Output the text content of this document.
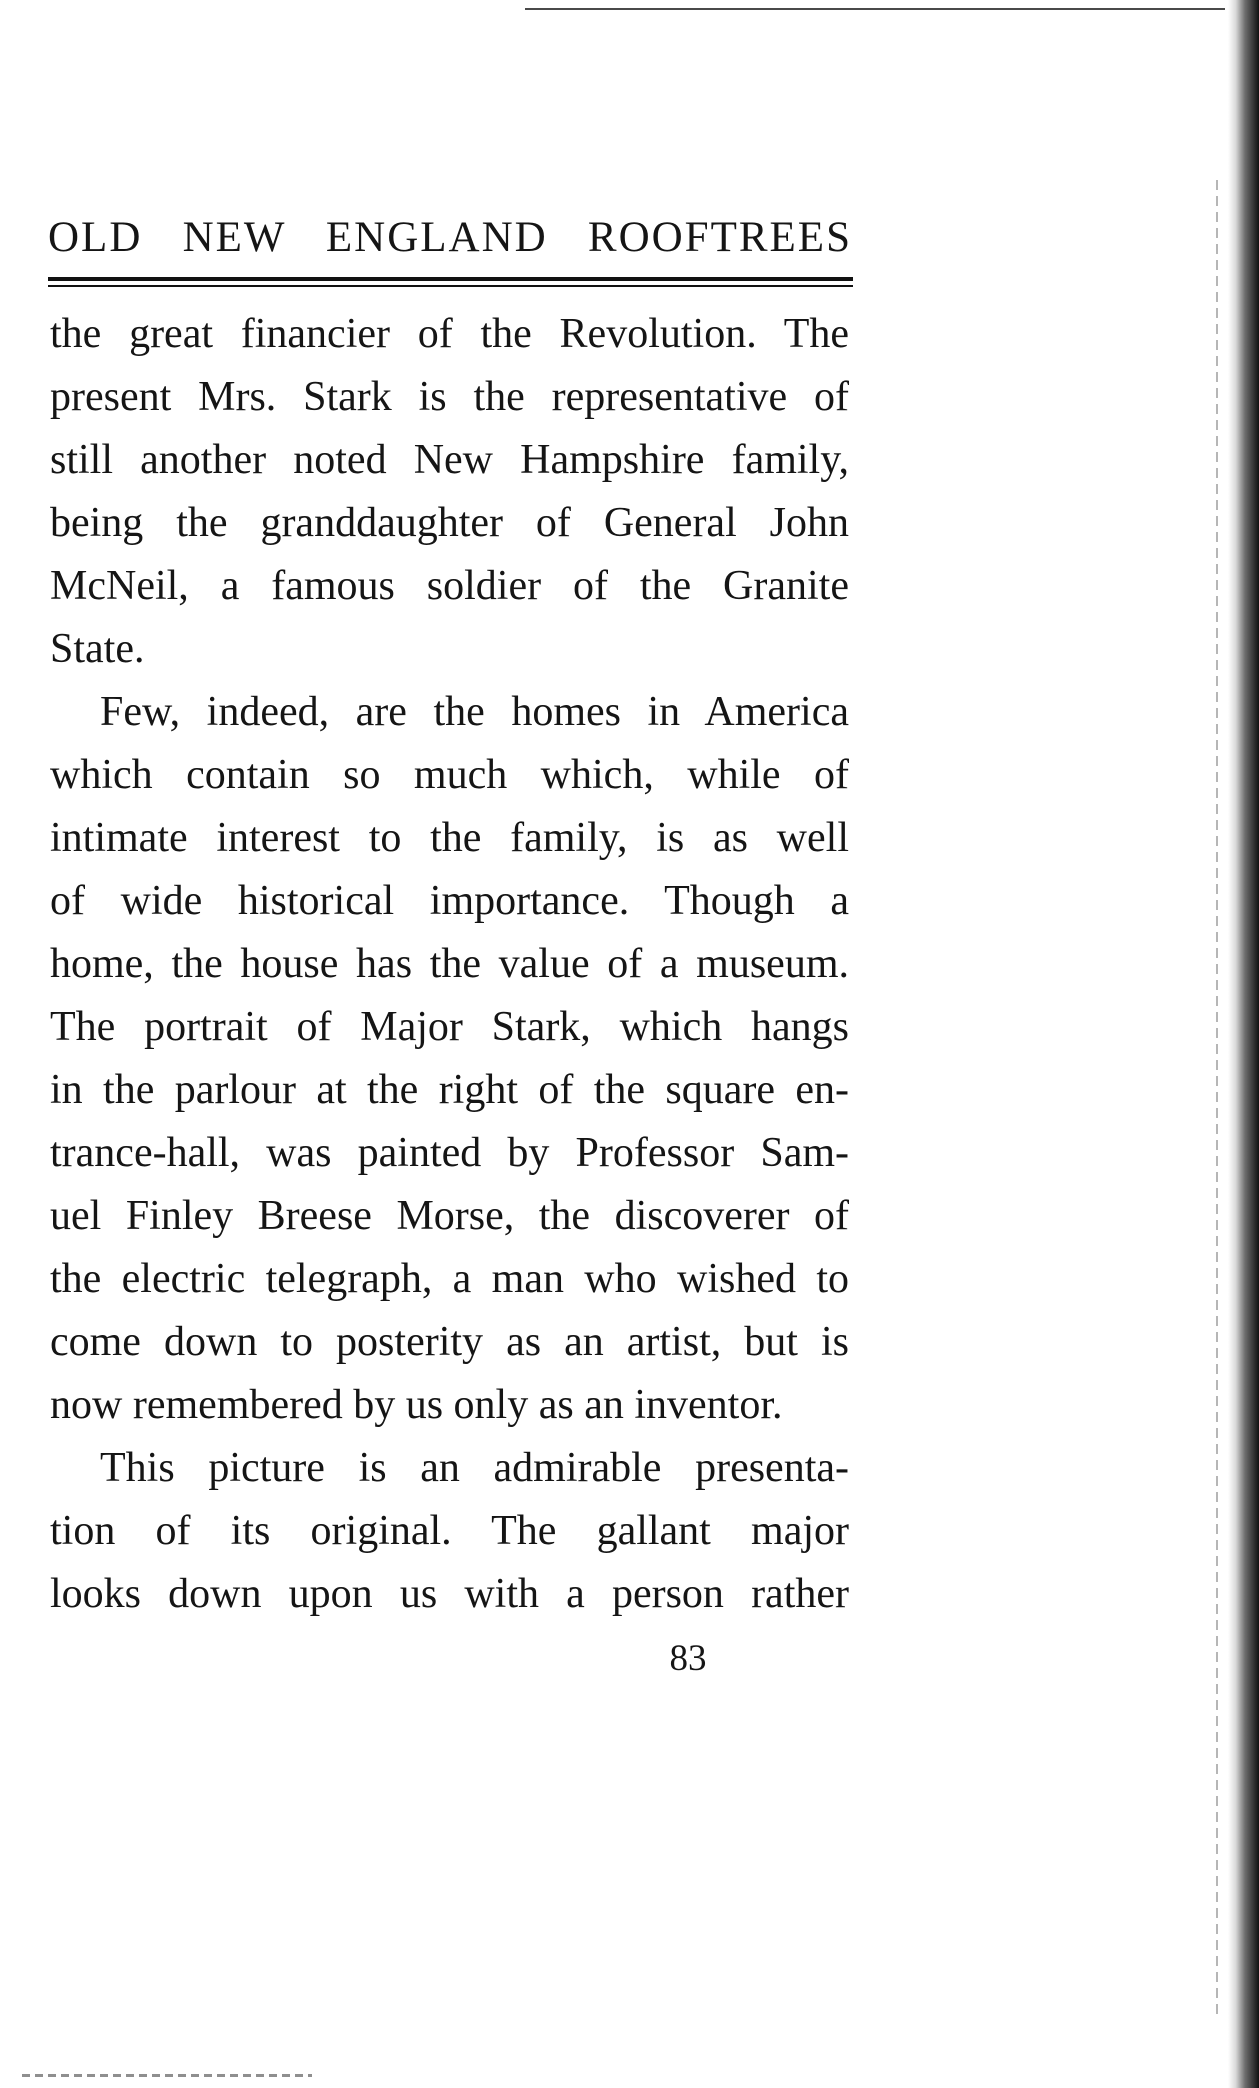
OLD NEW ENGLAND ROOFTREES
the great financier of the Revolution. The
present Mrs. Stark is the representative of
still another noted New Hampshire family,
being the granddaughter of General John
McNeil, a famous soldier of the Granite
State.
Few, indeed, are the homes in America
which contain so much which, while of
intimate interest to the family, is as well
of wide historical importance. Though a
home, the house has the value of a museum.
The portrait of Major Stark, which hangs
in the parlour at the right of the square en-
trance-hall, was painted by Professor Sam-
uel Finley Breese Morse, the discoverer of
the electric telegraph, a man who wished to
come down to posterity as an artist, but is
now remembered by us only as an inventor.
This picture is an admirable presenta-
tion of its original. The gallant major
looks down upon us with a person rather
83
